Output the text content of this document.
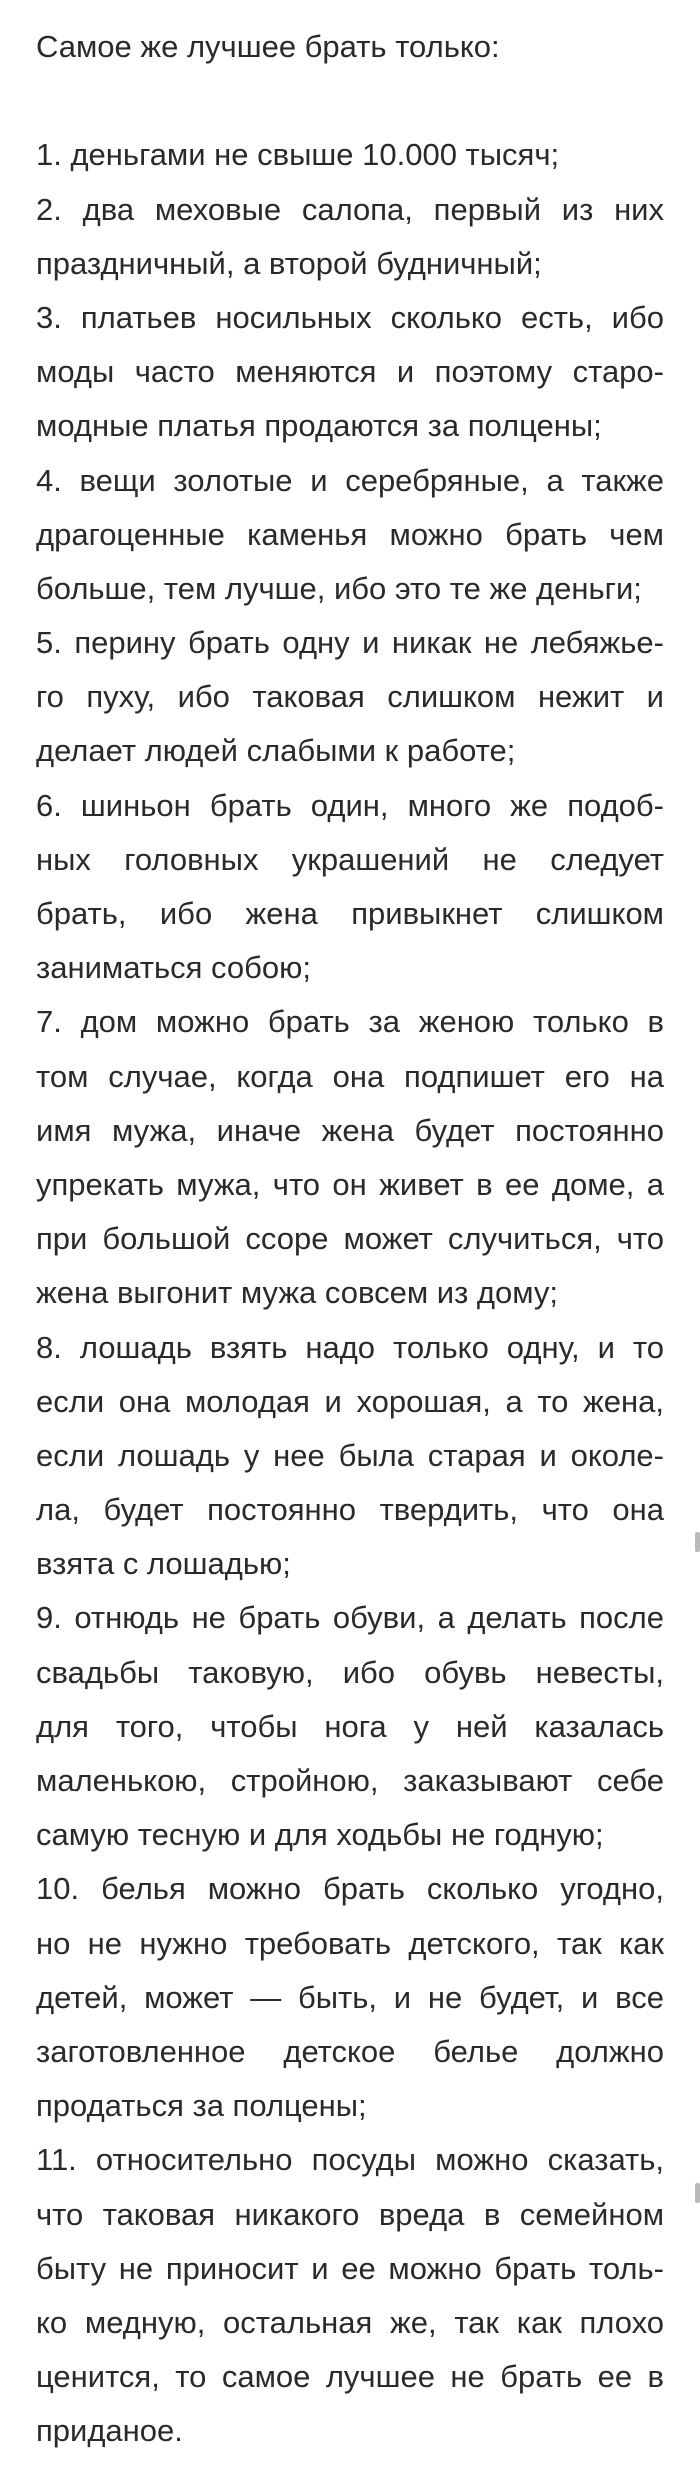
Самое же лучшее брать только:
1. деньгами не свыше 10.000 тысяч;
2. два меховые салопа, первый из них
праздничный, а второй будничный;
3. платьев носильных сколько есть, ибо
моды часто меняются и поэтому старо-
модные платья продаются за полцены;
4. вещи золотые и серебряные, а также
драгоценные каменья можно брать чем
больше, тем лучше, ибо это те же деньги;
5. перину брать одну и никак не лебяжье-
го пуху, ибо таковая слишком нежит и
делает людей слабыми к работе;
6. шиньон брать один, много же подоб-
ных головных украшений не следует
брать, ибо жена привыкнет слишком
заниматься собою;
7. дом можно брать за женою только в
том случае, когда она подпишет его на
имя мужа, иначе жена будет постоянно
упрекать мужа, что он живет в ее доме, а
при большой ссоре может случиться, что
жена выгонит мужа совсем из дому;
8. лошадь взять надо только одну, и то
если она молодая и хорошая, а то жена,
если лошадь у нее была старая и околе-
ла, будет постоянно твердить, что она
взята с лошадью;
9. отнюдь не брать обуви, а делать после
свадьбы таковую, ибо обувь невесты,
для того, чтобы нога у ней казалась
маленькою, стройною, заказывают себе
самую тесную и для ходьбы не годную;
10. белья можно брать сколько угодно,
но не нужно требовать детского, так как
детей, может — быть, и не будет, и все
заготовленное детское белье должно
продаться за полцены;
11. относительно посуды можно сказать,
что таковая никакого вреда в семейном
быту не приносит и ее можно брать толь-
ко медную, остальная же, так как плохо
ценится, то самое лучшее не брать ее в
приданое.
